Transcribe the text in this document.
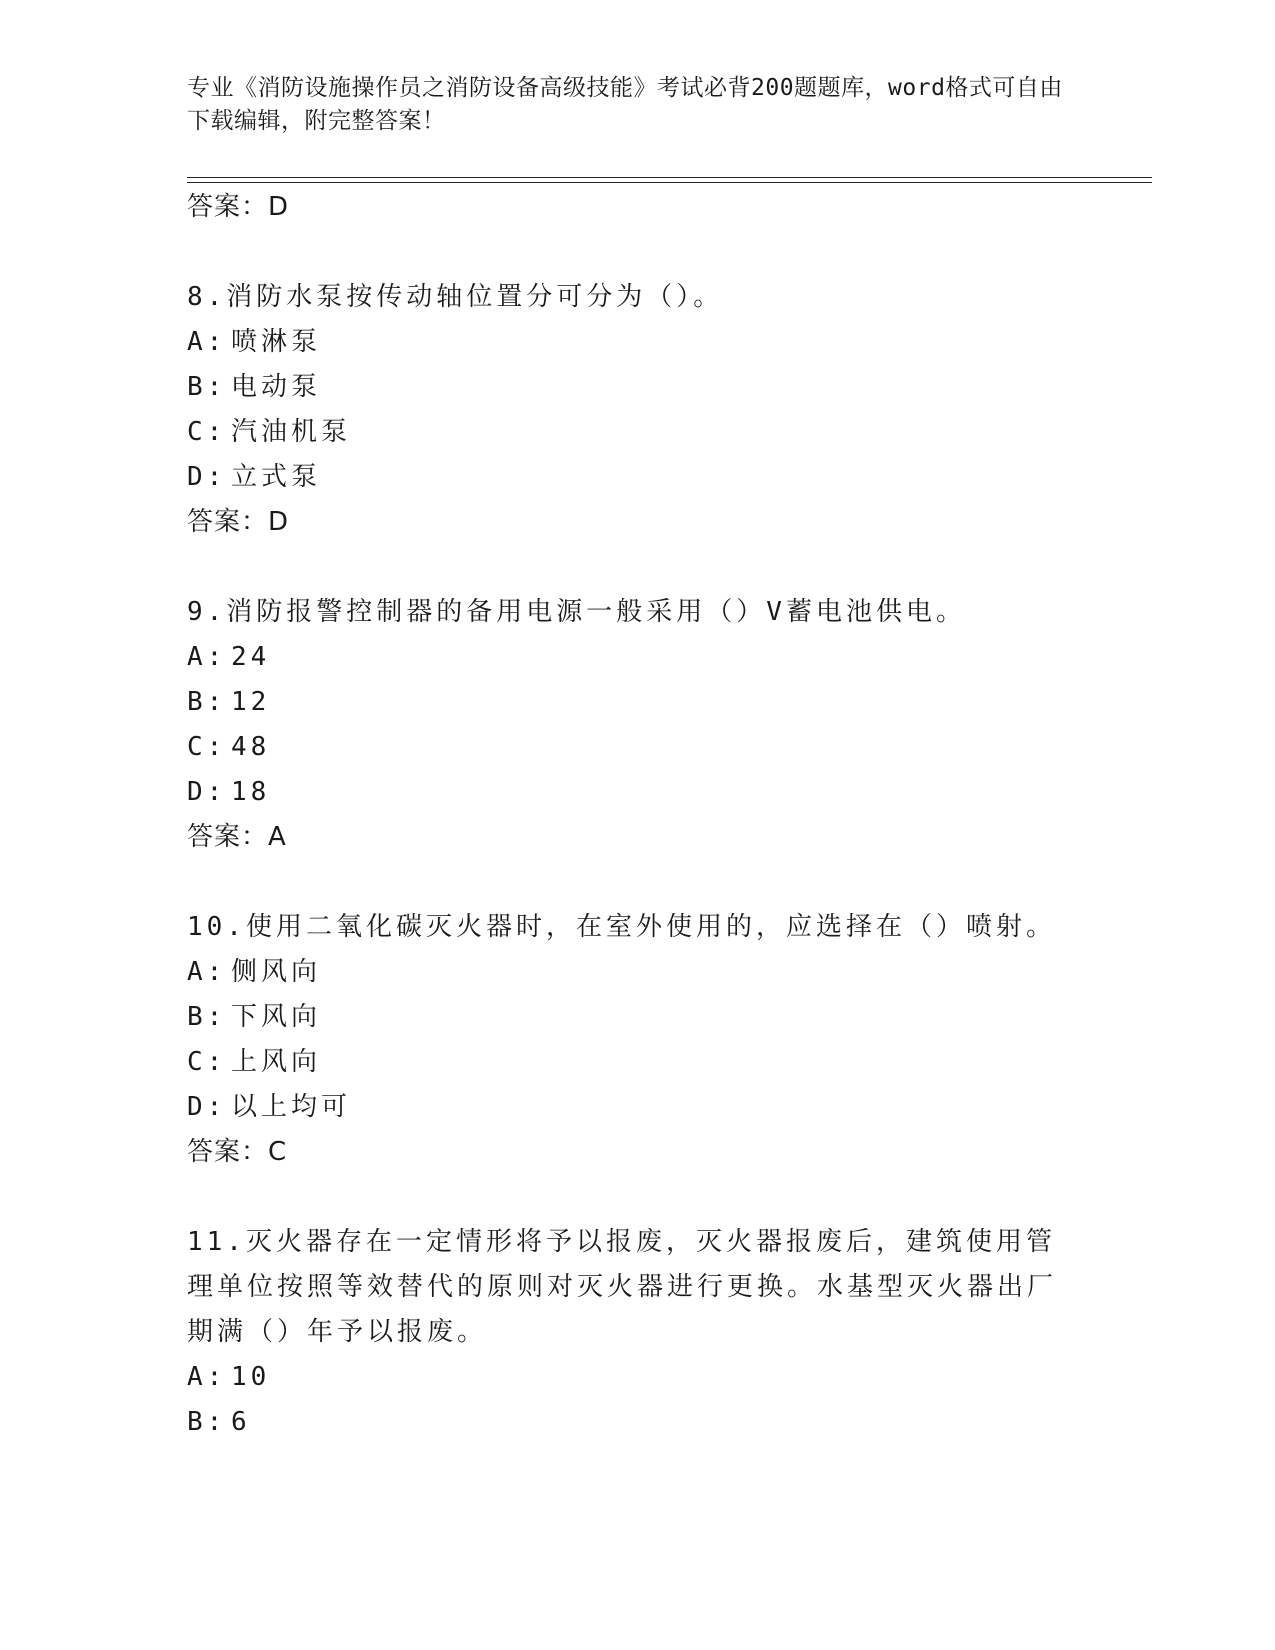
专业《消防设施操作员之消防设备高级技能》考试必背200题题库，word格式可自由下载编辑，附完整答案！
答案：D
8.消防水泵按传动轴位置分可分为（）。
A: 喷淋泵
B: 电动泵
C: 汽油机泵
D: 立式泵
答案：D
9.消防报警控制器的备用电源一般采用（）V蓄电池供电。
A: 24
B: 12
C: 48
D: 18
答案：A
10.使用二氧化碳灭火器时，在室外使用的，应选择在（）喷射。
A: 侧风向
B: 下风向
C: 上风向
D: 以上均可
答案：C
11.灭火器存在一定情形将予以报废，灭火器报废后，建筑使用管理单位按照等效替代的原则对灭火器进行更换。水基型灭火器出厂期满（）年予以报废。
A: 10
B: 6
